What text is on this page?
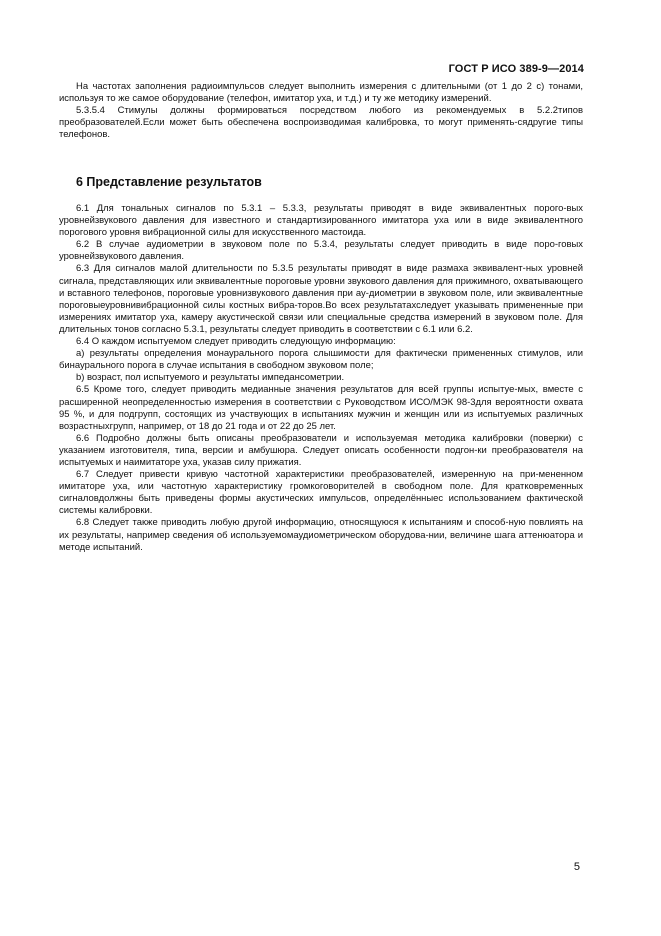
ГОСТ Р ИСО 389-9—2014

На частотах заполнения радиоимпульсов следует выполнить измерения с длительными (от 1 до 2 с) тонами, используя то же самое оборудование (телефон, имитатор уха, и т.д.) и ту же методику измерений.

5.3.5.4 Стимулы должны формироваться посредством любого из рекомендуемых в 5.2.2типов преобразователей.Если может быть обеспечена воспроизводимая калибровка, то могут применять-сядругие типы телефонов.

6 Представление результатов

6.1 Для тональных сигналов по 5.3.1 – 5.3.3, результаты приводят в виде эквивалентных порого-вых уровнейзвукового давления для известного и стандартизированного имитатора уха или в виде эквивалентного порогового уровня вибрационной силы для искусственного мастоида.

6.2 В случае аудиометрии в звуковом поле по 5.3.4, результаты следует приводить в виде поро-говых уровнейзвукового давления.

6.3 Для сигналов малой длительности по 5.3.5 результаты приводят в виде размаха эквивалент-ных уровней сигнала, представляющих или эквивалентные пороговые уровни звукового давления для прижимного, охватывающего и вставного телефонов, пороговые уровнизвукового давления при ау-диометрии в звуковом поле, или эквивалентные пороговыеуровнивибрационной силы костных вибра-торов.Во всех результатахследует указывать примененные при измерениях имитатор уха, камеру акустической связи или специальные средства измерений в звуковом поле. Для длительных тонов согласно 5.3.1, результаты следует приводить в соответствии с 6.1 или 6.2.

6.4 О каждом испытуемом следует приводить следующую информацию:

a) результаты определения монаурального порога слышимости для фактически примененных стимулов, или бинаурального порога в случае испытания в свободном звуковом поле;

b) возраст, пол испытуемого и результаты импедансометрии.

6.5 Кроме того, следует приводить медианные значения результатов для всей группы испытуе-мых, вместе с расширенной неопределенностью измерения в соответствии с Руководством ИСО/МЭК 98-3для вероятности охвата 95 %, и для подгрупп, состоящих из участвующих в испытаниях мужчин и женщин или из испытуемых различных возрастныхгрупп, например, от 18 до 21 года и от 22 до 25 лет.

6.6 Подробно должны быть описаны преобразователи и используемая методика калибровки (поверки) с указанием изготовителя, типа, версии и амбушюра. Следует описать особенности подгон-ки преобразователя на испытуемых и наимитаторе уха, указав силу прижатия.

6.7 Следует привести кривую частотной характеристики преобразователей, измеренную на при-мененном имитаторе уха, или частотную характеристику громкоговорителей в свободном поле. Для кратковременных сигналовдолжны быть приведены формы акустических импульсов, определённыес использованием фактической системы калибровки.

6.8 Следует также приводить любую другой информацию, относящуюся к испытаниям и способ-ную повлиять на их результаты, например сведения об используемомаудиометрическом оборудова-нии, величине шага аттенюатора и методе испытаний.

5
